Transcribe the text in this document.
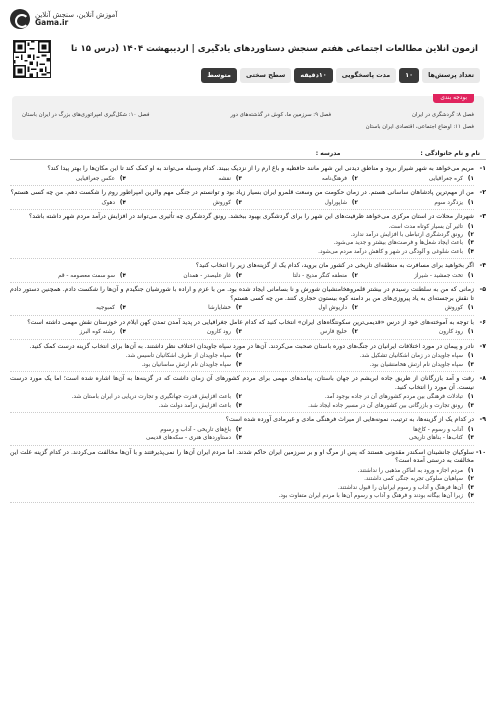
آموزش آنلاین، سنجش آنلاین
Gama.ir
آزمون آنلاین مطالعات اجتماعی هفتم سنجش دستاوردهای یادگیری | اردیبهشت ۱۴۰۴ (درس ۱۵ تا
تعداد پرسش‌ها
۱۰
مدت پاسخگویی
۱۰دقیقه
سطح سختی
متوسط
بودجه بندی
فصل ۸: گردشگری در ایران
فصل ۹: سرزمین ما، کوش در گذشته‌های دور
فصل ۱۰: شکل‌گیری امپراتوری‌های بزرگ در ایران باستان
فصل ۱۱: اوضاع اجتماعی، اقتصادی ایران باستان
نام و نام خانوادگی :
مدرسه :
۱-
مریم می‌خواهد به شهر شیراز برود و مناطق دیدنی این شهر مانند حافظیه و باغ ارم را از نزدیک ببیند. کدام وسیله می‌تواند به او کمک کند تا این مکان‌ها را بهتر پیدا کند؟
۱)کره جغرافیایی
۲)فرهنگ‌نامه
۳)نقشه
۴)عکس جغرافیایی
۲-
من از مهم‌ترین پادشاهان ساسانی هستم. در زمان حکومت من وسعت قلمرو ایران بسیار زیاد بود و توانستم در جنگی مهم والرین امپراطور روم را شکست دهم. من چه کسی هستم؟
۱)یزدگرد سوم
۲)شاپوراول
۳)کوروش
۴)دهوک
۳-
شهردار محلات در استان مرکزی می‌خواهد ظرفیت‌های این شهر را برای گردشگری بهبود ببخشد. رونق گردشگری چه تأثیری می‌تواند در افزایش درآمد مردم شهر داشته باشد؟
۱)تأثیر آن بسیار کوتاه مدت است.
۲)رونق گردشگری ارتباطی با افزایش درآمد ندارد.
۳)باعث ایجاد شغل‌ها و فرصت‌های بیشتر و جدید می‌شود.
۴)باعث شلوغی و آلودگی در شهر و کاهش درآمد مردم می‌شود.
۴-
اگر بخواهید برای مسافرت به منطقه‌ای تاریخی در کشور مان بروید، کدام یک از گزینه‌های زیر را انتخاب کنید؟
۱)تخت جمشید - شیراز
۲)منطقه کنگر مدیح - دلتا
۳)غار علیصدر - همدان
۴)سو سمت معصومه - قم
۵-
زمانی که من به سلطنت رسیدم در بیشتر قلمروهخامنشیان شورش و نا بسامانی ایجاد شده بود. من با عزم و اراده با شورشیان جنگیدم و آن‌ها را شکست دادم. همچنین دستور دادم تا نقش برجسته‌ای به یاد پیروزی‌های من بر دامنه کوه بیستون حجاری کنند. من چه کسی هستم؟
۱)کوروش
۲)داریوش اول
۳)خشایارشا
۴)کمبوجیه
۶-
با توجه به آموخته‌های خود از درس «قدیمی‌ترین سکونتگاه‌های ایران» انتخاب کنید که کدام عامل جغرافیایی در پدید آمدن تمدن کهن ایلام در خوزستان نقش مهمی داشته است؟
۱)رود کارون
۲)خلیج فارس
۳)رود کارون
۴)رشته کوه البرز
۷-
نادر و پیمان در مورد اختلافات ایرانیان در جنگ‌های دوره باستان صحبت می‌کردند. آن‌ها در مورد سپاه جاویدان اختلاف نظر داشتند. به آن‌ها برای انتخاب گزینه درست کمک کنید.
۱)سپاه جاویدان در زمان اشکانیان تشکیل شد.
۲)سپاه جاویدان از طرف اشکانیان تأسیس شد.
۳)سپاه جاویدان نام ارتش هخامنشیان بود.
۴)سپاه جاویدان نام ارتش ساسانیان بود.
۸-
رفت و آمد بازرگانان از طریق جاده ابریشم در جهان باستان، پیامدهای مهمی برای مردم کشورهای آن زمان داشت که در گزینه‌ها به آن‌ها اشاره شده است؛ اما یک مورد درست نیست. آن مورد را انتخاب کنید.
۱)تبادلات فرهنگی بین مردم کشورهای آن در جاده بوجود آمد.
۲)باعث افزایش قدرت جهانگیری و تجارت دریایی در ایران باستان شد.
۳)رونق تجارت و بازرگانی بین کشورهای آن در مسیر جاده ایجاد شد.
۴)باعث افزایش درآمد دولت شد.
۹-
در کدام یک از گزینه‌ها، به ترتیب، نمونه‌هایی از میراث فرهنگی مادی و غیرمادی آورده شده است؟
۱)آداب و رسوم - کاخ‌ها
۲)باغ‌های تاریخی - آداب و رسوم
۳)کتاب‌ها - بناهای تاریخی
۴)دستاوردهای هنری - سکه‌های قدیمی
۱۰-
سلوکیان جانشینان اسکندر مقدونی هستند که پس از مرگ او و بر سرزمین ایران حاکم شدند. اما مردم ایران آن‌ها را نمی‌پذیرفتند و با آن‌ها مخالفت می‌کردند. در کدام گزینه علت این مخالفت به درستی آمده است؟
۱)مردم اجازه ورود به اماکن مذهبی را نداشتند.
۲)سپاهیان سلوکی تجربه جنگی کمی داشتند.
۳)آن‌ها فرهنگ و آداب و رسوم ایرانیان را قبول نداشتند.
۴)زیرا آن‌ها بیگانه بودند و فرهنگ و آداب و رسوم آن‌ها با مردم ایران متفاوت بود.
